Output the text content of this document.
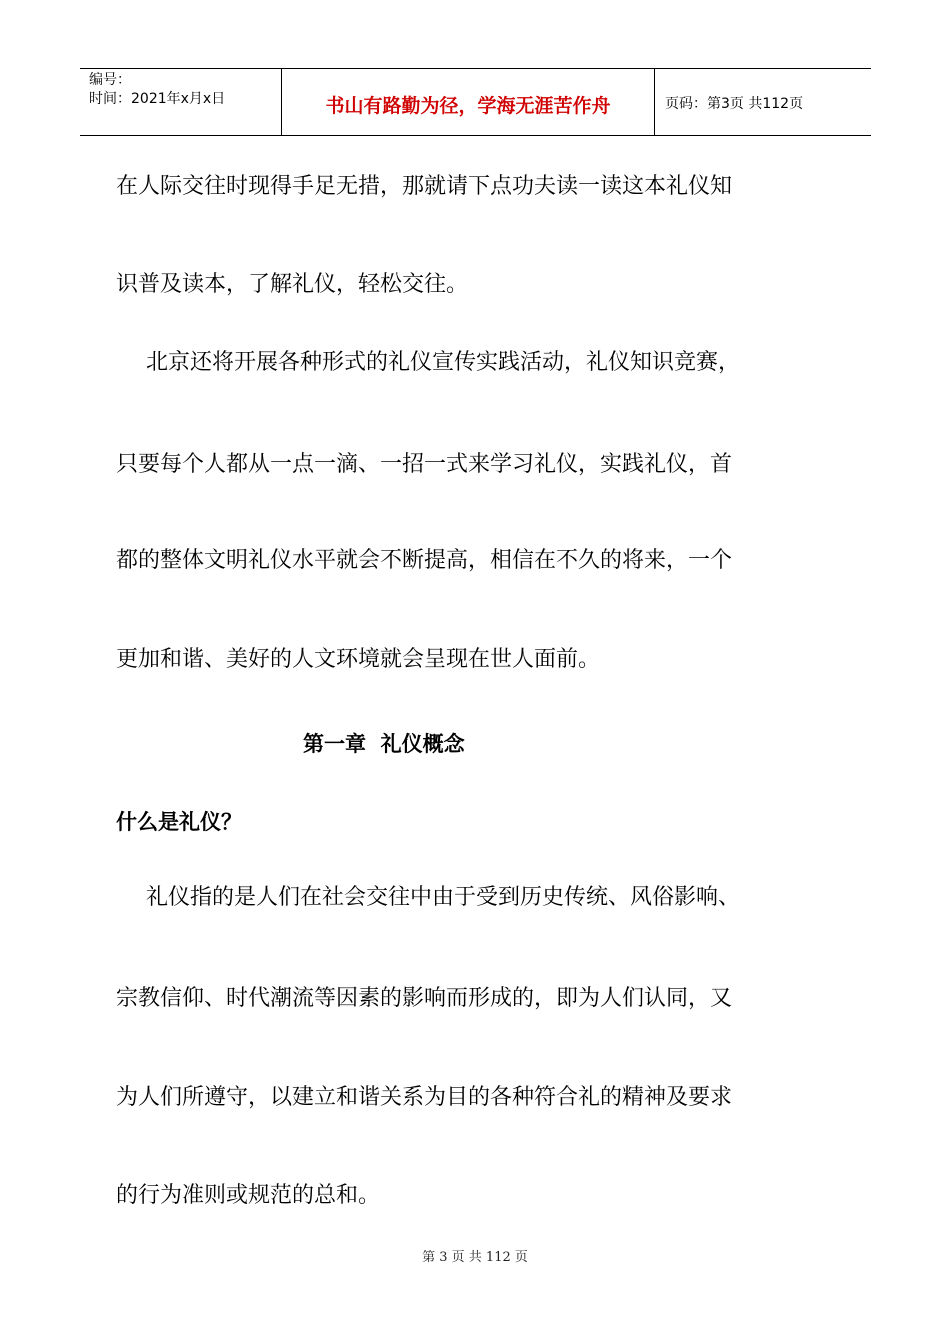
编号：
时间：2021年x月x日	书山有路勤为径，学海无涯苦作舟	页码：第3页 共112页

在人际交往时现得手足无措，那就请下点功夫读一读这本礼仪知

识普及读本，了解礼仪，轻松交往。

北京还将开展各种形式的礼仪宣传实践活动，礼仪知识竞赛，

只要每个人都从一点一滴、一招一式来学习礼仪，实践礼仪，首

都的整体文明礼仪水平就会不断提高，相信在不久的将来，一个

更加和谐、美好的人文环境就会呈现在世人面前。

第一章  礼仪概念
什么是礼仪？

礼仪指的是人们在社会交往中由于受到历史传统、风俗影响、

宗教信仰、时代潮流等因素的影响而形成的，即为人们认同，又

为人们所遵守，以建立和谐关系为目的各种符合礼的精神及要求

的行为准则或规范的总和。

第 3 页 共 112 页
